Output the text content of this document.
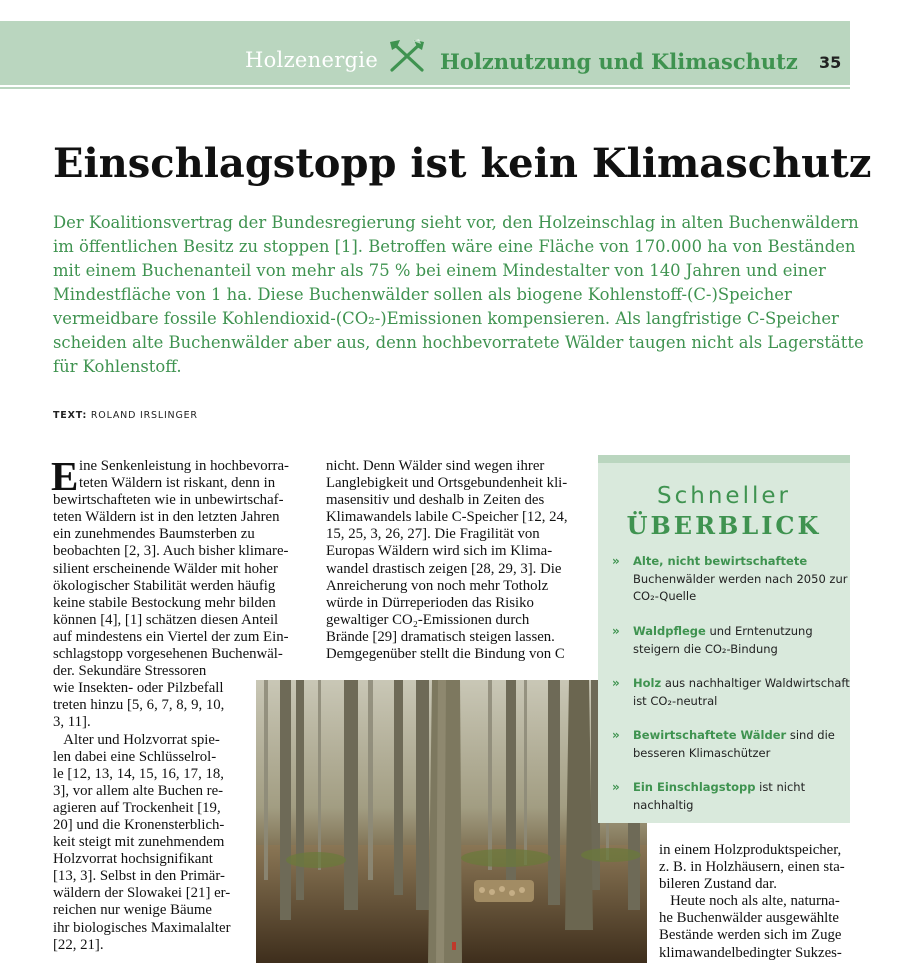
Holzenergie	Holznutzung und Klimaschutz 35
Einschlagstopp ist kein Klimaschutz
Der Koalitionsvertrag der Bundesregierung sieht vor, den Holzeinschlag in alten Buchenwäldern
im öffentlichen Besitz zu stoppen [1]. Betroffen wäre eine Fläche von 170.000 ha von Beständen
mit einem Buchenanteil von mehr als 75 % bei einem Mindestalter von 140 Jahren und einer
Mindestfläche von 1 ha. Diese Buchenwälder sollen als biogene Kohlenstoff-(C-)Speicher
vermeidbare fossile Kohlendioxid-(CO₂-)Emissionen kompensieren. Als langfristige C-Speicher
scheiden alte Buchenwälder aber aus, denn hochbevorratete Wälder taugen nicht als Lagerstätte
für Kohlenstoff.
TEXT: ROLAND IRSLINGER
E ine Senkenleistung in hochbevorra-
teten Wäldern ist riskant, denn in
bewirtschafteten wie in unbewirtschaf-
teten Wäldern ist in den letzten Jahren
ein zunehmendes Baumsterben zu
beobachten [2, 3]. Auch bisher klimare-
silient erscheinende Wälder mit hoher
ökologischer Stabilität werden häufig
keine stabile Bestockung mehr bilden
können [4], [1] schätzen diesen Anteil
auf mindestens ein Viertel der zum Ein-
schlagstopp vorgesehenen Buchenwäl-
der. Sekundäre Stressoren
wie Insekten- oder Pilzbefall
treten hinzu [5, 6, 7, 8, 9, 10,
3, 11].
Alter und Holzvorrat spie-
len dabei eine Schlüsselrol-
le [12, 13, 14, 15, 16, 17, 18,
3], vor allem alte Buchen re-
agieren auf Trockenheit [19,
20] und die Kronensterblich-
keit steigt mit zunehmendem
Holzvorrat hochsignifikant
[13, 3]. Selbst in den Primär-
wäldern der Slowakei [21] er-
reichen nur wenige Bäume
ihr biologisches Maximalalter
[22, 21].
nicht. Denn Wälder sind wegen ihrer
Langlebigkeit und Ortsgebundenheit kli-
masensitiv und deshalb in Zeiten des
Klimawandels labile C-Speicher [12, 24,
15, 25, 3, 26, 27]. Die Fragilität von
Europas Wäldern wird sich im Klima-
wandel drastisch zeigen [28, 29, 3]. Die
Anreicherung von noch mehr Totholz
würde in Dürreperioden das Risiko
gewaltiger CO₂-Emissionen durch
Brände [29] dramatisch steigen lassen.
Demgegenüber stellt die Bindung von C
Schneller
ÜBERBLICK
» Alte, nicht bewirtschaftete
Buchenwälder werden nach 2050 zur
CO₂-Quelle
» Waldpflege und Erntenutzung
steigern die CO₂-Bindung
» Holz aus nachhaltiger Waldwirtschaft
ist CO₂-neutral
» Bewirtschaftete Wälder sind die
besseren Klimaschützer
» Ein Einschlagstopp ist nicht
nachhaltig
in einem Holzproduktspeicher,
z. B. in Holzhäusern, einen sta-
bileren Zustand dar.
Heute noch als alte, naturna-
he Buchenwälder ausgewählte
Bestände werden sich im Zuge
klimawandelbedingter Sukzes-
